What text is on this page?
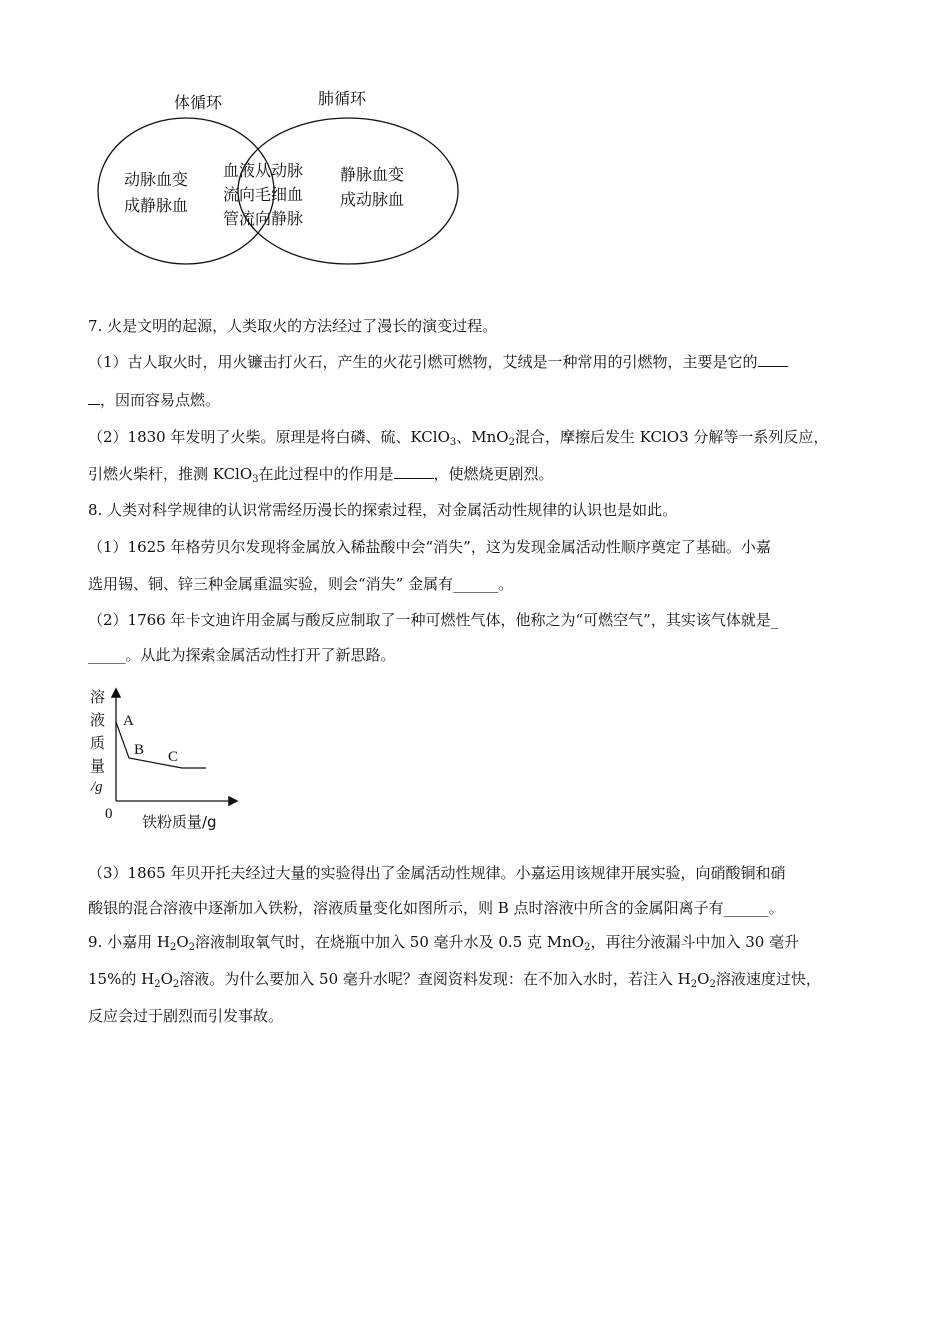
体循环	肺循环
动脉血变
成静脉血
血液从动脉
流向毛细血
管流向静脉
静脉血变
成动脉血
7. 火是文明的起源，人类取火的方法经过了漫长的演变过程。
（1）古人取火时，用火镰击打火石，产生的火花引燃可燃物，艾绒是一种常用的引燃物，主要是它的
，因而容易点燃。
（2）1830 年发明了火柴。原理是将白磷、硫、KClO$_3$、MnO$_2$混合，摩擦后发生 KClO3 分解等一系列反应，
引燃火柴杆，推测 KClO$_3$在此过程中的作用是	，使燃烧更剧烈。
8. 人类对科学规律的认识常需经历漫长的探索过程，对金属活动性规律的认识也是如此。
（1）1625 年格劳贝尔发现将金属放入稀盐酸中会“消失”，这为发现金属活动性顺序奠定了基础。小嘉
选用锡、铜、锌三种金属重温实验，则会“消失” 金属有______。
（2）1766 年卡文迪许用金属与酸反应制取了一种可燃性气体，他称之为“可燃空气”，其实该气体就是_
_____。从此为探索金属活动性打开了新思路。
溶
液
质
量
/g
0 铁粉质量/g
A
B C
（3）1865 年贝开托夫经过大量的实验得出了金属活动性规律。小嘉运用该规律开展实验，向硝酸铜和硝
酸银的混合溶液中逐渐加入铁粉，溶液质量变化如图所示，则 B 点时溶液中所含的金属阳离子有______。
9. 小嘉用 $H_2O_2$溶液制取氧气时，在烧瓶中加入 50 毫升水及 0.5 克 MnO$_2$，再往分液漏斗中加入 30 毫升
15%的 $H_2O_2$溶液。为什么要加入 50 毫升水呢？查阅资料发现：在不加入水时，若注入 $H_2O_2$溶液速度过快，
反应会过于剧烈而引发事故。
